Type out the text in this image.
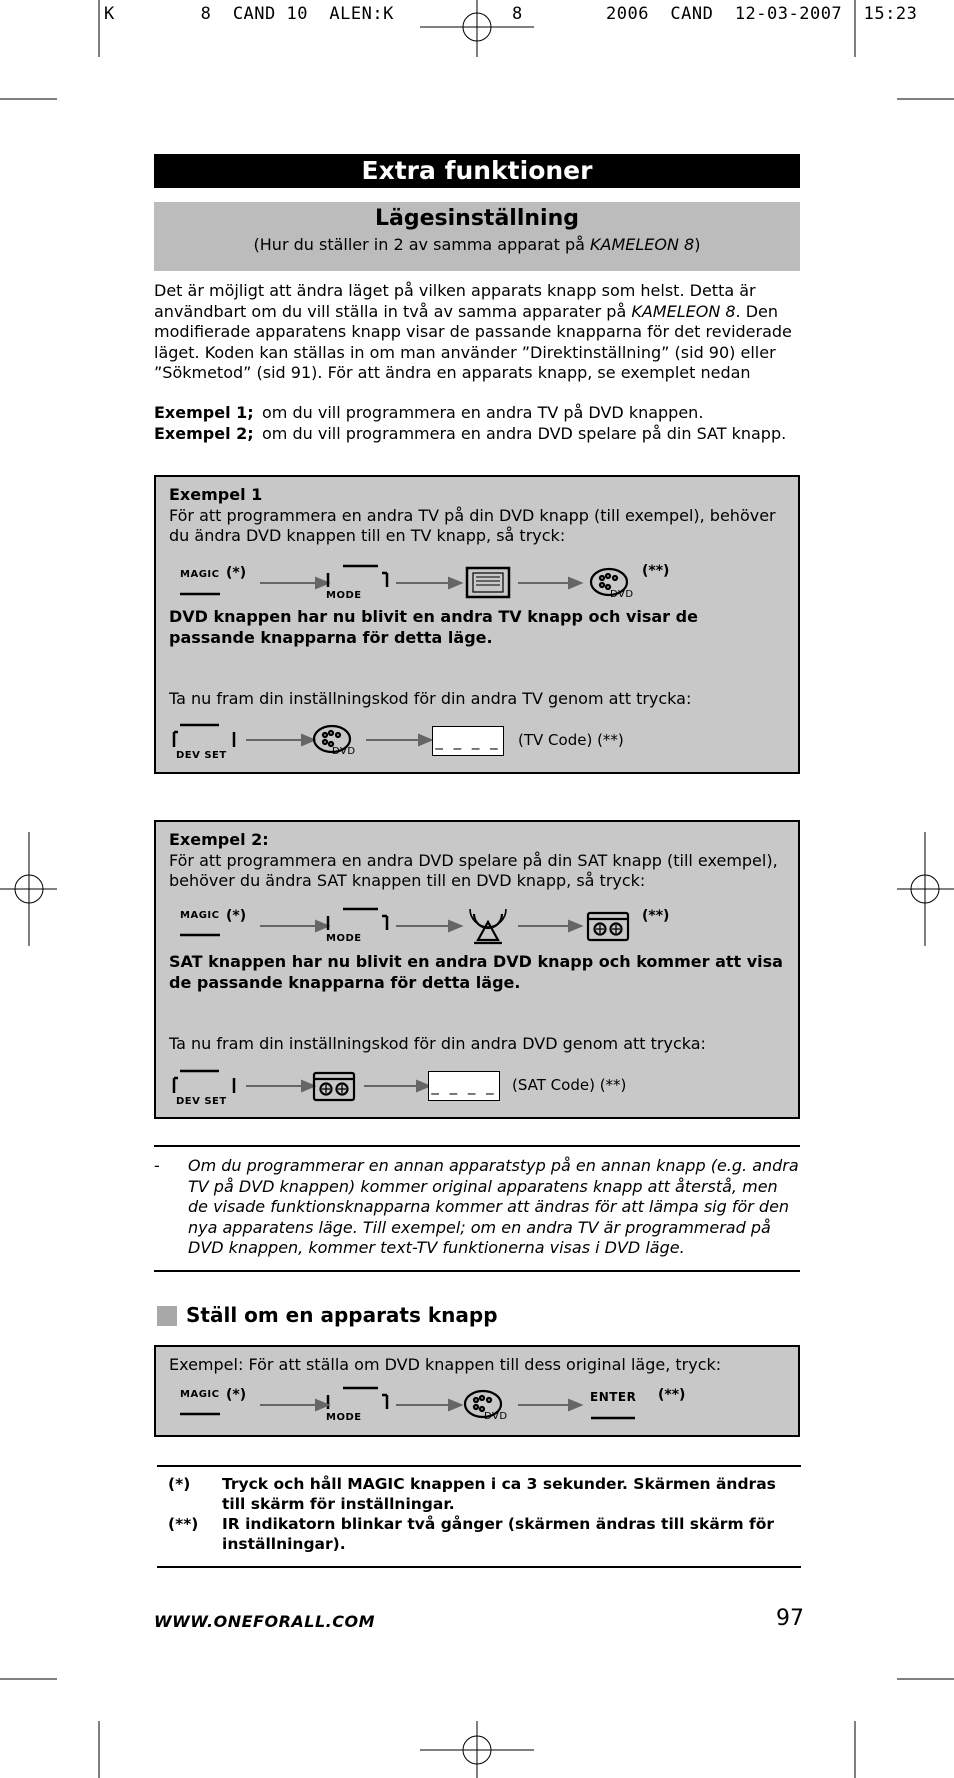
K        8  CAND 10  ALEN:K	8	2006  CAND  12-03-2007  15:23
Extra funktioner
Lägesinställning
(Hur du ställer in 2 av samma apparat på KAMELEON 8)
Det är möjligt att ändra läget på vilken apparats knapp som helst. Detta är användbart om du vill ställa in två av samma apparater på KAMELEON 8. Den modifierade apparatens knapp visar de passande knapparna för det reviderade läget. Koden kan ställas in om man använder ”Direktinställning” (sid 90) eller ”Sökmetod” (sid 91). För att ändra en apparats knapp, se exemplet nedan
Exempel 1; om du vill programmera en andra TV på DVD knappen.
Exempel 2; om du vill programmera en andra DVD spelare på din SAT knapp.
Exempel 1
För att programmera en andra TV på din DVD knapp (till exempel), behöver du ändra DVD knappen till en TV knapp, så tryck:
MAGIC (*)
MODE	DVD
(**)
DVD knappen har nu blivit en andra TV knapp och visar de passande knapparna för detta läge.
Ta nu fram din inställningskod för din andra TV genom att trycka:
DEV SET	DVD
_ _ _ _ (TV Code) (**)
Exempel 2:
För att programmera en andra DVD spelare på din SAT knapp (till exempel), behöver du ändra SAT knappen till en DVD knapp, så tryck:
MAGIC (*)
MODE
(**)
SAT knappen har nu blivit en andra DVD knapp och kommer att visa de passande knapparna för detta läge.
Ta nu fram din inställningskod för din andra DVD genom att trycka:
DEV SET
_ _ _ _ (SAT Code) (**)
- Om du programmerar en annan apparatstyp på en annan knapp (e.g. andra TV på DVD knappen) kommer original apparatens knapp att återstå, men de visade funktionsknapparna kommer att ändras för att lämpa sig för den nya apparatens läge. Till exempel; om en andra TV är programmerad på DVD knappen, kommer text-TV funktionerna visas i DVD läge.
Ställ om en apparats knapp
Exempel: För att ställa om DVD knappen till dess original läge, tryck:
MAGIC (*)
MODE	DVD
ENTER (**)
(*) Tryck och håll MAGIC knappen i ca 3 sekunder. Skärmen ändras till skärm för inställningar.
(**) IR indikatorn blinkar två gånger (skärmen ändras till skärm för inställningar).
WWW.ONEFORALL.COM	97
